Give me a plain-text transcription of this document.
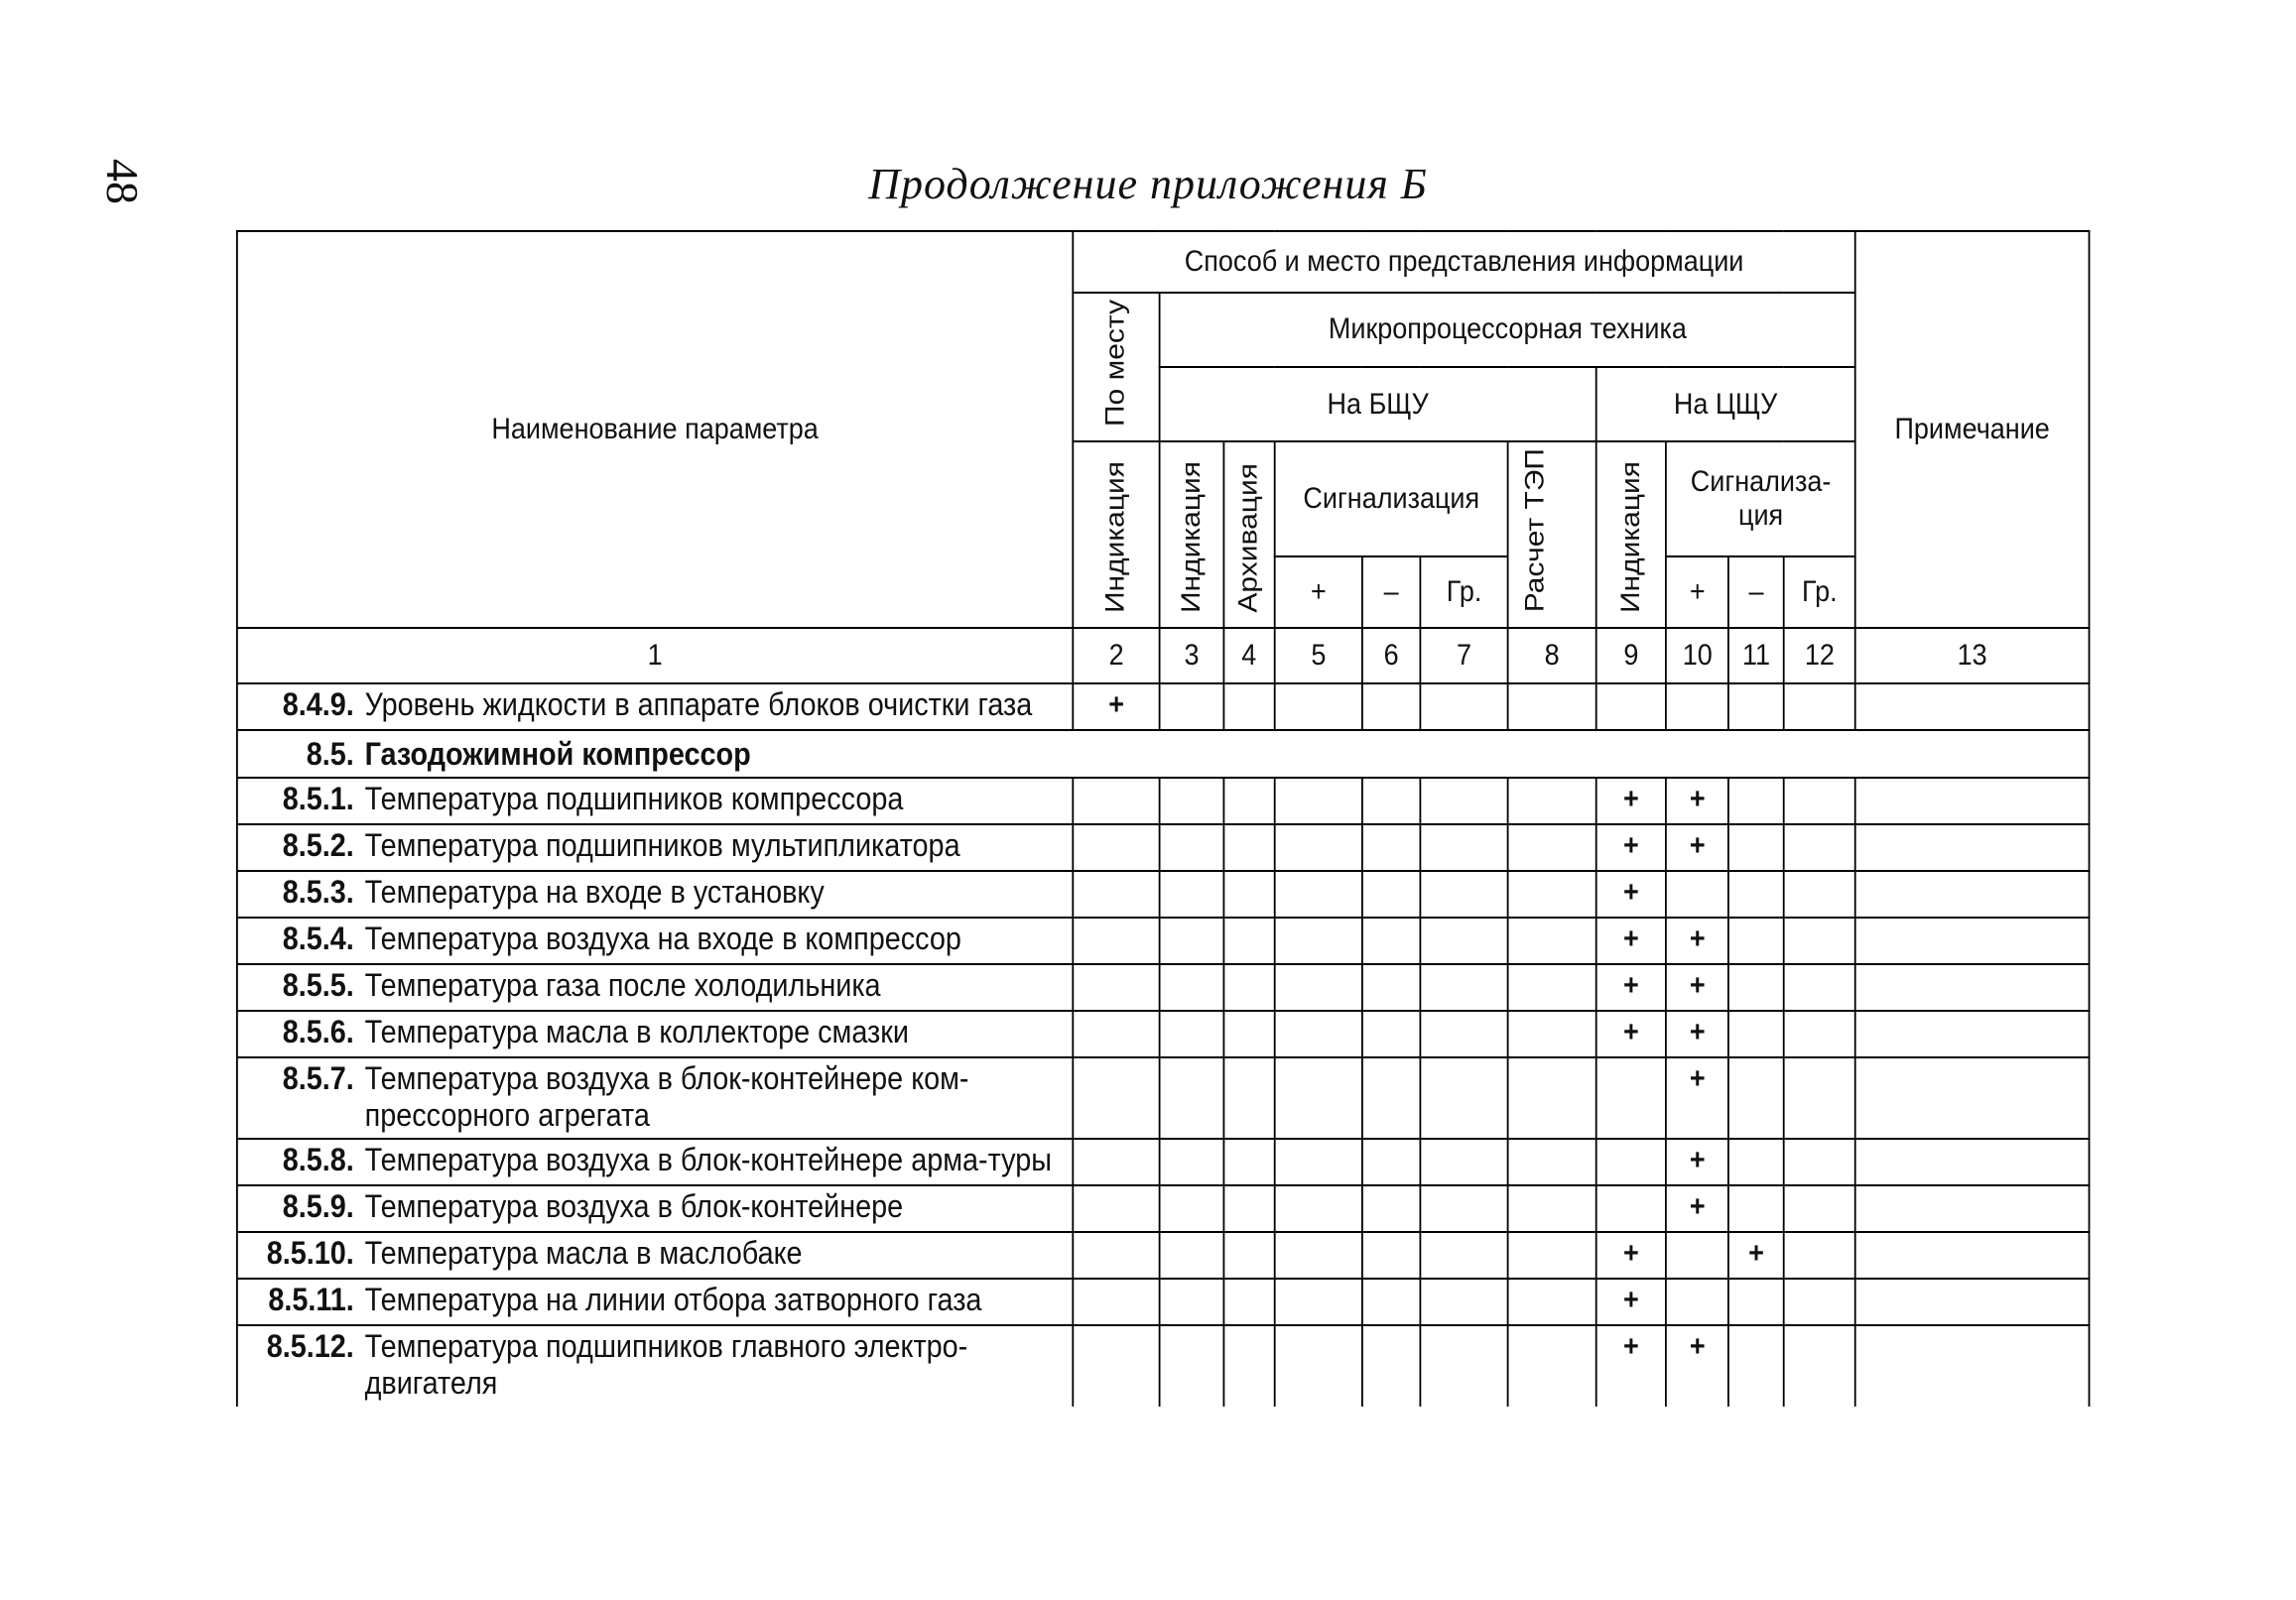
48	Продолжение приложения Б
Наименование параметра	Способ и место представления информации											Примечание
	По месту	Микропроцессорная техника										
		На БЩУ						На ЦЩУ				
	Индикация	Индикация	Архивация	Сигнализация			Расчет ТЭП	Индикация	Сигнализа-ция			
				+	–	Гр.			+	–	Гр.	
1	2	3	4	5	6	7	8	9	10	11	12	13

8.4.9. Уровень жидкости в аппарате блоков очистки газа	+											
8.5. Газодожимной компрессор												

8.5.1. Температура подшипников компрессора								+	+			

8.5.2. Температура подшипников мультипликатора								+	+			

8.5.3. Температура на входе в установку								+				

8.5.4. Температура воздуха на входе в компрессор								+	+			

8.5.5. Температура газа после холодильника								+	+			

8.5.6. Температура масла в коллекторе смазки								+	+			

8.5.7. Температура воздуха в блок-контейнере ком-прессорного агрегата									+			

8.5.8. Температура воздуха в блок-контейнере арма-туры									+			

8.5.9. Температура воздуха в блок-контейнере									+			

8.5.10. Температура масла в маслобаке								+		+		

8.5.11. Температура на линии отбора затворного газа								+				

8.5.12. Температура подшипников главного электро-двигателя								+	+			
